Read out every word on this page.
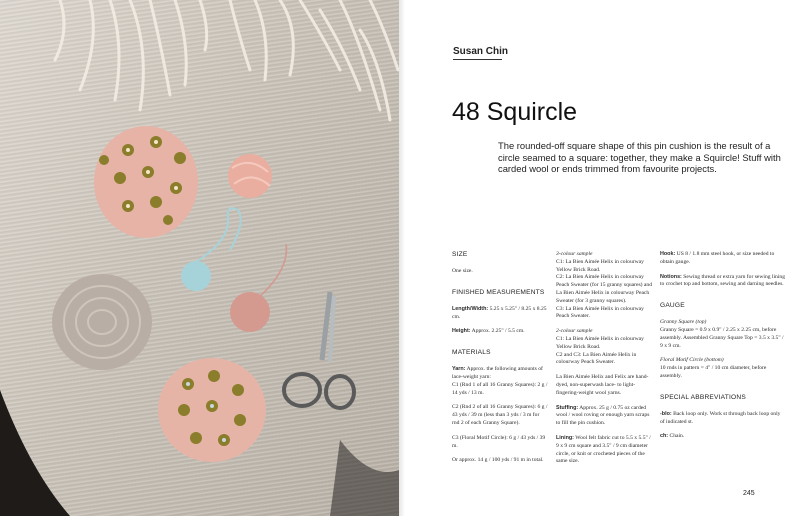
Susan Chin
48 Squircle
The rounded-off square shape of this pin cushion is the result of a circle seamed to a square: together, they make a Squircle! Stuff with carded wool or ends trimmed from favourite projects.

SIZE

One size.

FINISHED MEASUREMENTS

Length/Width: 5.25 x 5.25" / 8.25 x 8.25 cm.

Height: Approx. 2.25" / 5.5 cm.

MATERIALS

Yarn: Approx. the following amounts of lace-weight yarn:
C1 (Rnd 1 of all 16 Granny Squares): 2 g / 14 yds / 13 m.

C2 (Rnd 2 of all 16 Granny Squares): 6 g / 43 yds / 39 m (less than 3 yds / 3 m for rnd 2 of each Granny Square).

C3 (Floral Motif Circle): 6 g / 43 yds / 39 m.

Or approx. 14 g / 100 yds / 91 m in total.

3-colour sample
C1: La Bien Aimée Helix in colourway Yellow Brick Road.

C2: La Bien Aimée Helix in colourway Peach Sweater (for 15 granny squares) and La Bien Aimée Helix in colourway Peach Sweater (for 3 granny squares).

C3: La Bien Aimée Helix in colourway Peach Sweater.

2-colour sample
C1: La Bien Aimée Helix in colourway Yellow Brick Road.

C2 and C3: La Bien Aimée Helix in colourway Peach Sweater.

La Bien Aimée Helix and Felix are hand-dyed, non-superwash lace- to light-fingering-weight wool yarns.

Stuffing: Approx. 25 g / 0.75 oz carded wool / wool roving or enough yarn scraps to fill the pin cushion.

Lining: Wool felt fabric cut to 5.5 x 5.5" / 9 x 9 cm square and 3.5" / 9 cm diameter circle, or knit or crocheted pieces of the same size.

Hook: US 8 / 1.8 mm steel hook, or size needed to obtain gauge.

Notions: Sewing thread or extra yarn for sewing lining to crochet top and bottom, sewing and darning needles.

GAUGE

Granny Square (top)
Granny Square = 0.9 x 0.9" / 2.25 x 2.25 cm, before assembly. Assembled Granny Square Top = 3.5 x 3.5" / 9 x 9 cm.

Floral Motif Circle (bottom)
10 rnds in pattern = 4" / 10 cm diameter, before assembly.

SPECIAL ABBREVIATIONS

-blo: Back loop only. Work st through back loop only of indicated st.

ch: Chain.

245
